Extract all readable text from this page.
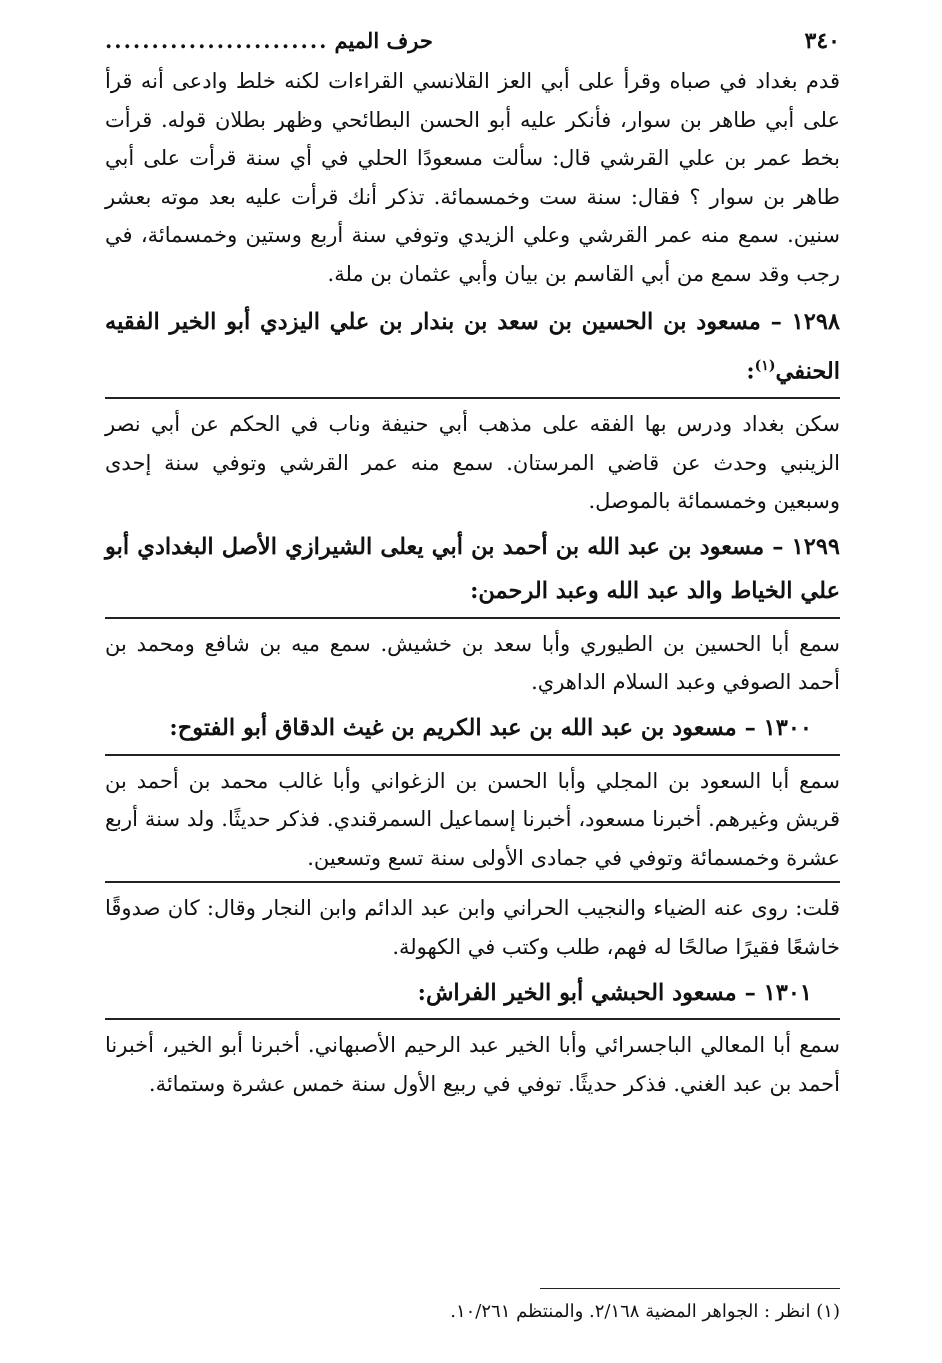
٣٤٠
حرف الميم
........................

قدم بغداد في صباه وقرأ على أبي العز القلانسي القراءات لكنه خلط وادعى أنه قرأ على أبي طاهر بن سوار، فأنكر عليه أبو الحسن البطائحي وظهر بطلان قوله. قرأت بخط عمر بن علي القرشي قال: سألت مسعودًا الحلي في أي سنة قرأت على أبي طاهر بن سوار ؟ فقال: سنة ست وخمسمائة. تذكر أنك قرأت عليه بعد موته بعشر سنين. سمع منه عمر القرشي وعلي الزيدي وتوفي سنة أربع وستين وخمسمائة، في رجب وقد سمع من أبي القاسم بن بيان وأبي عثمان بن ملة.

١٢٩٨ – مسعود بن الحسين بن سعد بن بندار بن علي اليزدي أبو الخير الفقيه الحنفي$^{(١)}$:

سكن بغداد ودرس بها الفقه على مذهب أبي حنيفة وناب في الحكم عن أبي نصر الزينبي وحدث عن قاضي المرستان. سمع منه عمر القرشي وتوفي سنة إحدى وسبعين وخمسمائة بالموصل.

١٢٩٩ – مسعود بن عبد الله بن أحمد بن أبي يعلى الشيرازي الأصل البغدادي أبو علي الخياط والد عبد الله وعبد الرحمن:

سمع أبا الحسين بن الطيوري وأبا سعد بن خشيش. سمع ميه بن شافع ومحمد بن أحمد الصوفي وعبد السلام الداهري.

١٣٠٠ – مسعود بن عبد الله بن عبد الكريم بن غيث الدقاق أبو الفتوح:

سمع أبا السعود بن المجلي وأبا الحسن بن الزغواني وأبا غالب محمد بن أحمد بن قريش وغيرهم. أخبرنا مسعود، أخبرنا إسماعيل السمرقندي. فذكر حديثًا. ولد سنة أربع عشرة وخمسمائة وتوفي في جمادى الأولى سنة تسع وتسعين.

قلت: روى عنه الضياء والنجيب الحراني وابن عبد الدائم وابن النجار وقال: كان صدوقًا خاشعًا فقيرًا صالحًا له فهم، طلب وكتب في الكهولة.

١٣٠١ – مسعود الحبشي أبو الخير الفراش:

سمع أبا المعالي الباجسرائي وأبا الخير عبد الرحيم الأصبهاني. أخبرنا أبو الخير، أخبرنا أحمد بن عبد الغني. فذكر حديثًا. توفي في ربيع الأول سنة خمس عشرة وستمائة.

(١) انظر : الجواهر المضية ٢/١٦٨. والمنتظم ١٠/٢٦١.
